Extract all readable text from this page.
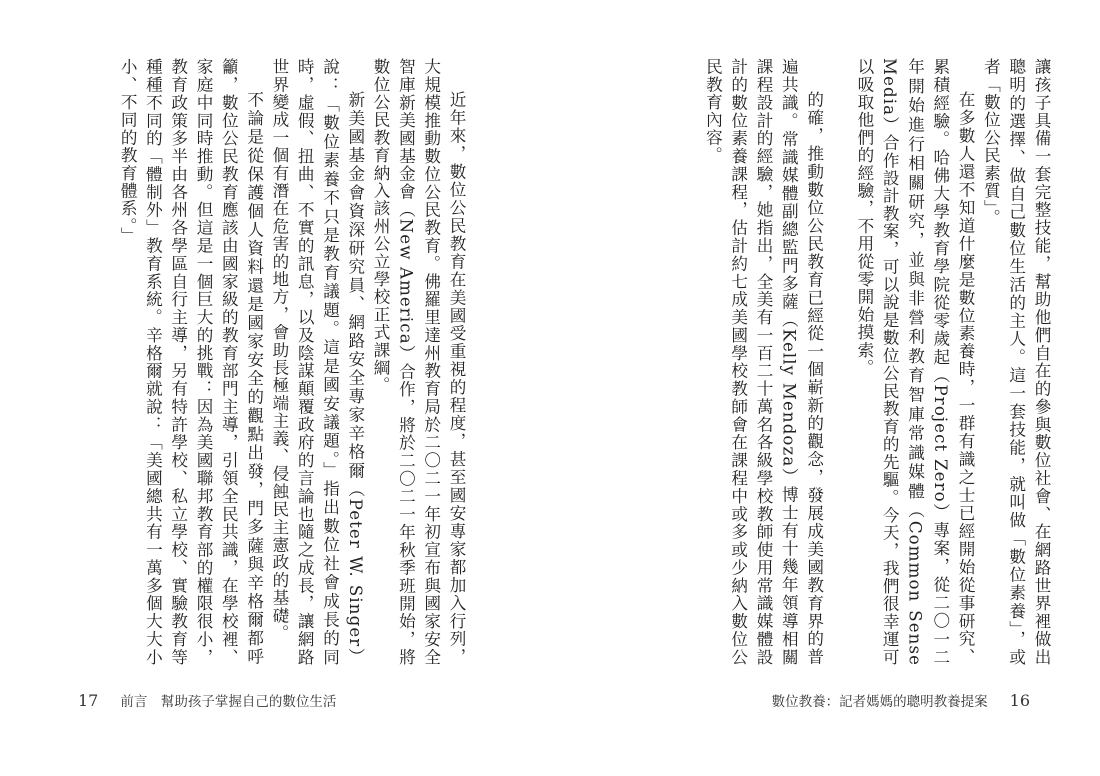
近年來，數位公民教育在美國受重視的程度，甚至國安專家都加入行列，大規模推動數位公民教育。佛羅里達州教育局於二〇二一年初宣布與國家安全智庫新美國基金會（New America）合作，將於二〇二一年秋季班開始，將數位公民教育納入該州公立學校正式課綱。

新美國基金會資深研究員、網路安全專家辛格爾（Peter W. Singer）說：「數位素養不只是教育議題。這是國安議題。」指出數位社會成長的同時，虛假、扭曲、不實的訊息，以及陰謀顛覆政府的言論也隨之成長，讓網路世界變成一個有潛在危害的地方，會助長極端主義、侵蝕民主憲政的基礎。

不論是從保護個人資料還是國家安全的觀點出發，門多薩與辛格爾都呼籲，數位公民教育應該由國家級的教育部門主導，引領全民共識，在學校裡、家庭中同時推動。但這是一個巨大的挑戰：因為美國聯邦教育部的權限很小，教育政策多半由各州各學區自行主導，另有特許學校、私立學校、實驗教育等種種不同的「體制外」教育系統。辛格爾就說：「美國總共有一萬多個大大小小、不同的教育體系。」

17 前言　幫助孩子掌握自己的數位生活

讓孩子具備一套完整技能，幫助他們自在的參與數位社會、在網路世界裡做出聰明的選擇、做自己數位生活的主人。這一套技能，就叫做「數位素養」，或者「數位公民素質」。

在多數人還不知道什麼是數位素養時，一群有識之士已經開始從事研究、累積經驗。哈佛大學教育學院從零歲起（Project Zero）專案，從二〇一二年開始進行相關研究，並與非營利教育智庫常識媒體（Common Sense Media）合作設計教案，可以說是數位公民教育的先驅。今天，我們很幸運可以吸取他們的經驗，不用從零開始摸索。

的確，推動數位公民教育已經從一個嶄新的觀念，發展成美國教育界的普遍共識。常識媒體副總監門多薩（Kelly Mendoza）博士有十幾年領導相關課程設計的經驗，她指出，全美有一百二十萬名各級學校教師使用常識媒體設計的數位素養課程，估計約七成美國學校教師會在課程中或多或少納入數位公民教育內容。

數位教養：記者媽媽的聰明教養提案 16
